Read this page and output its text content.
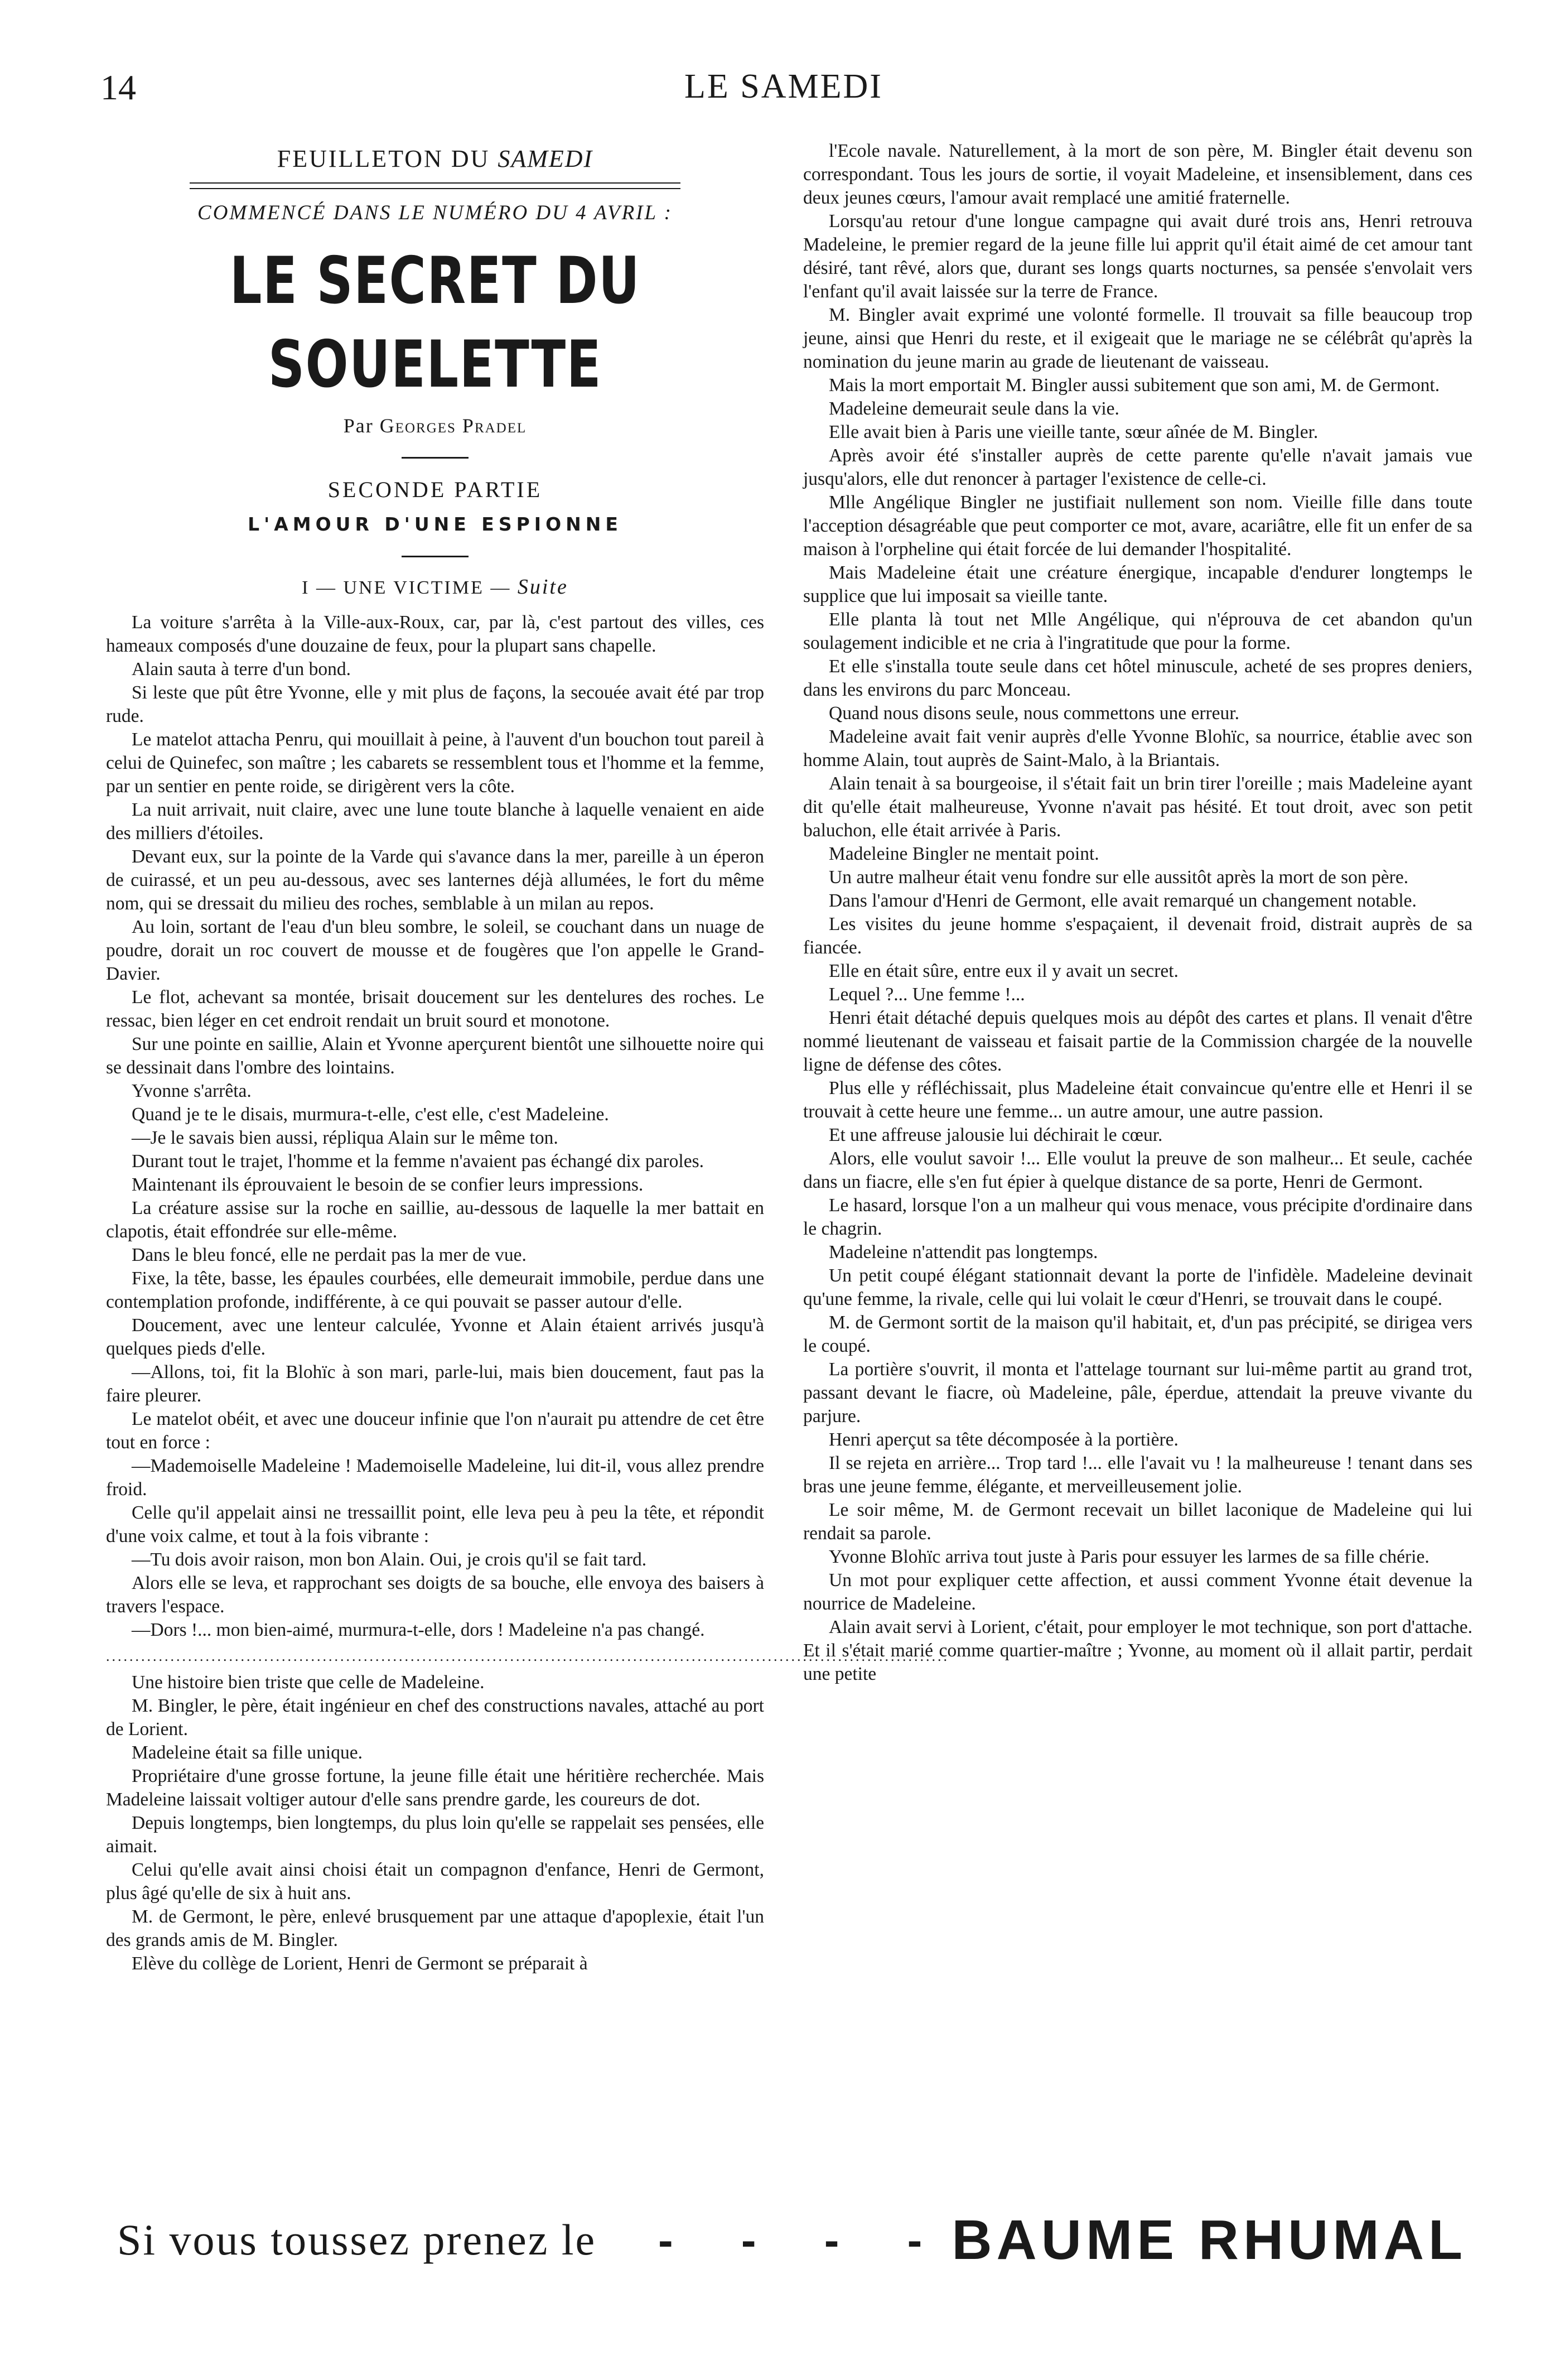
14	LE SAMEDI
FEUILLETON DU SAMEDI
COMMENCÉ DANS LE NUMÉRO DU 4 AVRIL :
LE SECRET DU SOUELETTE
Par Georges Pradel
SECONDE PARTIE
L'AMOUR D'UNE ESPIONNE
I — UNE VICTIME — Suite

La voiture s'arrêta à la Ville-aux-Roux, car, par là, c'est partout des villes, ces hameaux composés d'une douzaine de feux, pour la plupart sans chapelle.

Alain sauta à terre d'un bond.

Si leste que pût être Yvonne, elle y mit plus de façons, la secouée avait été par trop rude.

Le matelot attacha Penru, qui mouillait à peine, à l'auvent d'un bouchon tout pareil à celui de Quinefec, son maître ; les cabarets se ressemblent tous et l'homme et la femme, par un sentier en pente roide, se dirigèrent vers la côte.

La nuit arrivait, nuit claire, avec une lune toute blanche à laquelle venaient en aide des milliers d'étoiles.

Devant eux, sur la pointe de la Varde qui s'avance dans la mer, pareille à un éperon de cuirassé, et un peu au-dessous, avec ses lanternes déjà allumées, le fort du même nom, qui se dressait du milieu des roches, semblable à un milan au repos.

Au loin, sortant de l'eau d'un bleu sombre, le soleil, se couchant dans un nuage de poudre, dorait un roc couvert de mousse et de fougères que l'on appelle le Grand-Davier.

Le flot, achevant sa montée, brisait doucement sur les dentelures des roches. Le ressac, bien léger en cet endroit rendait un bruit sourd et monotone.

Sur une pointe en saillie, Alain et Yvonne aperçurent bientôt une silhouette noire qui se dessinait dans l'ombre des lointains.

Yvonne s'arrêta.

Quand je te le disais, murmura-t-elle, c'est elle, c'est Madeleine.

—Je le savais bien aussi, répliqua Alain sur le même ton.

Durant tout le trajet, l'homme et la femme n'avaient pas échangé dix paroles.

Maintenant ils éprouvaient le besoin de se confier leurs impressions.

La créature assise sur la roche en saillie, au-dessous de laquelle la mer battait en clapotis, était effondrée sur elle-même.

Dans le bleu foncé, elle ne perdait pas la mer de vue.

Fixe, la tête, basse, les épaules courbées, elle demeurait immobile, perdue dans une contemplation profonde, indifférente, à ce qui pouvait se passer autour d'elle.

Doucement, avec une lenteur calculée, Yvonne et Alain étaient arrivés jusqu'à quelques pieds d'elle.

—Allons, toi, fit la Blohïc à son mari, parle-lui, mais bien doucement, faut pas la faire pleurer.

Le matelot obéit, et avec une douceur infinie que l'on n'aurait pu attendre de cet être tout en force :

—Mademoiselle Madeleine ! Mademoiselle Madeleine, lui dit-il, vous allez prendre froid.

Celle qu'il appelait ainsi ne tressaillit point, elle leva peu à peu la tête, et répondit d'une voix calme, et tout à la fois vibrante :

—Tu dois avoir raison, mon bon Alain. Oui, je crois qu'il se fait tard.

Alors elle se leva, et rapprochant ses doigts de sa bouche, elle envoya des baisers à travers l'espace.

—Dors !... mon bien-aimé, murmura-t-elle, dors ! Madeleine n'a pas changé.

................................................................................................................................................

Une histoire bien triste que celle de Madeleine.

M. Bingler, le père, était ingénieur en chef des constructions navales, attaché au port de Lorient.

Madeleine était sa fille unique.

Propriétaire d'une grosse fortune, la jeune fille était une héritière recherchée. Mais Madeleine laissait voltiger autour d'elle sans prendre garde, les coureurs de dot.

Depuis longtemps, bien longtemps, du plus loin qu'elle se rappelait ses pensées, elle aimait.

Celui qu'elle avait ainsi choisi était un compagnon d'enfance, Henri de Germont, plus âgé qu'elle de six à huit ans.

M. de Germont, le père, enlevé brusquement par une attaque d'apoplexie, était l'un des grands amis de M. Bingler.

Elève du collège de Lorient, Henri de Germont se préparait à

l'Ecole navale. Naturellement, à la mort de son père, M. Bingler était devenu son correspondant. Tous les jours de sortie, il voyait Madeleine, et insensiblement, dans ces deux jeunes cœurs, l'amour avait remplacé une amitié fraternelle.

Lorsqu'au retour d'une longue campagne qui avait duré trois ans, Henri retrouva Madeleine, le premier regard de la jeune fille lui apprit qu'il était aimé de cet amour tant désiré, tant rêvé, alors que, durant ses longs quarts nocturnes, sa pensée s'envolait vers l'enfant qu'il avait laissée sur la terre de France.

M. Bingler avait exprimé une volonté formelle. Il trouvait sa fille beaucoup trop jeune, ainsi que Henri du reste, et il exigeait que le mariage ne se célébrât qu'après la nomination du jeune marin au grade de lieutenant de vaisseau.

Mais la mort emportait M. Bingler aussi subitement que son ami, M. de Germont.

Madeleine demeurait seule dans la vie.

Elle avait bien à Paris une vieille tante, sœur aînée de M. Bingler.

Après avoir été s'installer auprès de cette parente qu'elle n'avait jamais vue jusqu'alors, elle dut renoncer à partager l'existence de celle-ci.

Mlle Angélique Bingler ne justifiait nullement son nom. Vieille fille dans toute l'acception désagréable que peut comporter ce mot, avare, acariâtre, elle fit un enfer de sa maison à l'orpheline qui était forcée de lui demander l'hospitalité.

Mais Madeleine était une créature énergique, incapable d'endurer longtemps le supplice que lui imposait sa vieille tante.

Elle planta là tout net Mlle Angélique, qui n'éprouva de cet abandon qu'un soulagement indicible et ne cria à l'ingratitude que pour la forme.

Et elle s'installa toute seule dans cet hôtel minuscule, acheté de ses propres deniers, dans les environs du parc Monceau.

Quand nous disons seule, nous commettons une erreur.

Madeleine avait fait venir auprès d'elle Yvonne Blohïc, sa nourrice, établie avec son homme Alain, tout auprès de Saint-Malo, à la Briantais.

Alain tenait à sa bourgeoise, il s'était fait un brin tirer l'oreille ; mais Madeleine ayant dit qu'elle était malheureuse, Yvonne n'avait pas hésité. Et tout droit, avec son petit baluchon, elle était arrivée à Paris.

Madeleine Bingler ne mentait point.

Un autre malheur était venu fondre sur elle aussitôt après la mort de son père.

Dans l'amour d'Henri de Germont, elle avait remarqué un changement notable.

Les visites du jeune homme s'espaçaient, il devenait froid, distrait auprès de sa fiancée.

Elle en était sûre, entre eux il y avait un secret.

Lequel ?... Une femme !...

Henri était détaché depuis quelques mois au dépôt des cartes et plans. Il venait d'être nommé lieutenant de vaisseau et faisait partie de la Commission chargée de la nouvelle ligne de défense des côtes.

Plus elle y réfléchissait, plus Madeleine était convaincue qu'entre elle et Henri il se trouvait à cette heure une femme... un autre amour, une autre passion.

Et une affreuse jalousie lui déchirait le cœur.

Alors, elle voulut savoir !... Elle voulut la preuve de son malheur... Et seule, cachée dans un fiacre, elle s'en fut épier à quelque distance de sa porte, Henri de Germont.

Le hasard, lorsque l'on a un malheur qui vous menace, vous précipite d'ordinaire dans le chagrin.

Madeleine n'attendit pas longtemps.

Un petit coupé élégant stationnait devant la porte de l'infidèle. Madeleine devinait qu'une femme, la rivale, celle qui lui volait le cœur d'Henri, se trouvait dans le coupé.

M. de Germont sortit de la maison qu'il habitait, et, d'un pas précipité, se dirigea vers le coupé.

La portière s'ouvrit, il monta et l'attelage tournant sur lui-même partit au grand trot, passant devant le fiacre, où Madeleine, pâle, éperdue, attendait la preuve vivante du parjure.

Henri aperçut sa tête décomposée à la portière.

Il se rejeta en arrière... Trop tard !... elle l'avait vu ! la malheureuse ! tenant dans ses bras une jeune femme, élégante, et merveilleusement jolie.

Le soir même, M. de Germont recevait un billet laconique de Madeleine qui lui rendait sa parole.

Yvonne Blohïc arriva tout juste à Paris pour essuyer les larmes de sa fille chérie.

Un mot pour expliquer cette affection, et aussi comment Yvonne était devenue la nourrice de Madeleine.

Alain avait servi à Lorient, c'était, pour employer le mot technique, son port d'attache. Et il s'était marié comme quartier-maître ; Yvonne, au moment où il allait partir, perdait une petite

Si vous toussez prenez le - - - - BAUME RHUMAL
